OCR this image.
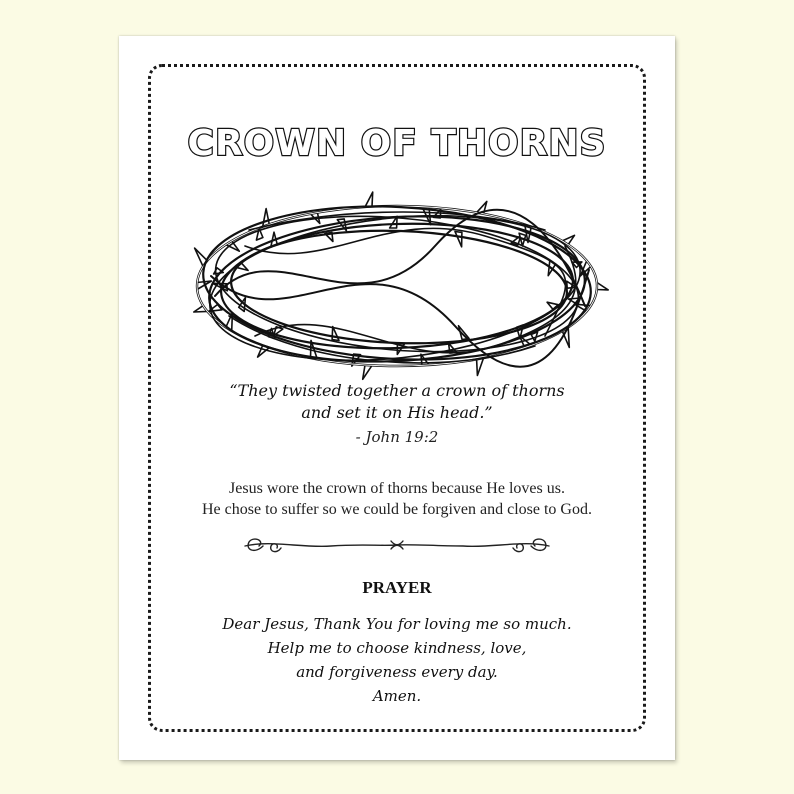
CROWN OF THORNS
“They twisted together a crown of thorns
and set it on His head.”
- John 19:2
Jesus wore the crown of thorns because He loves us.
He chose to suffer so we could be forgiven and close to God.
PRAYER
Dear Jesus, Thank You for loving me so much.
Help me to choose kindness, love,
and forgiveness every day.
Amen.
